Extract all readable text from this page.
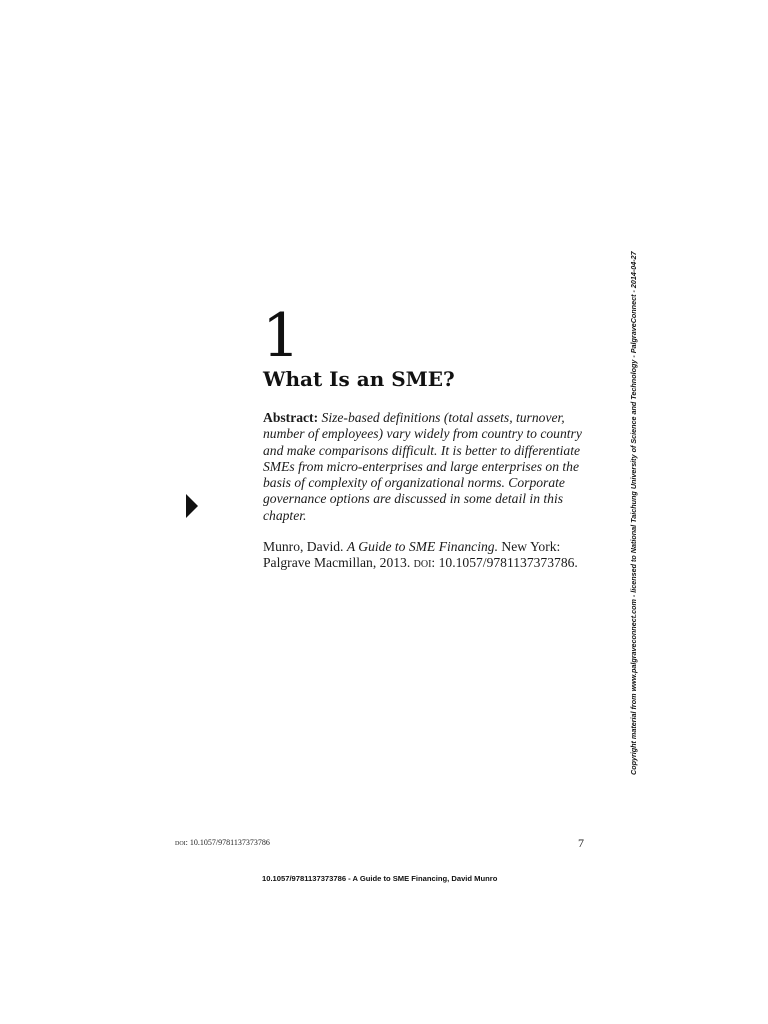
1
What Is an SME?

Abstract: Size-based definitions (total assets, turnover, number of employees) vary widely from country to country and make comparisons difficult. It is better to differentiate SMEs from micro-enterprises and large enterprises on the basis of complexity of organizational norms. Corporate governance options are discussed in some detail in this chapter.

Munro, David. A Guide to SME Financing. New York: Palgrave Macmillan, 2013. doi: 10.1057/9781137373786.	Copyright material from www.palgraveconnect.com - licensed to National Taichung University of Science and Technology - PalgraveConnect - 2014-04-27
doi: 10.1057/9781137373786	7
10.1057/9781137373786 - A Guide to SME Financing, David Munro
